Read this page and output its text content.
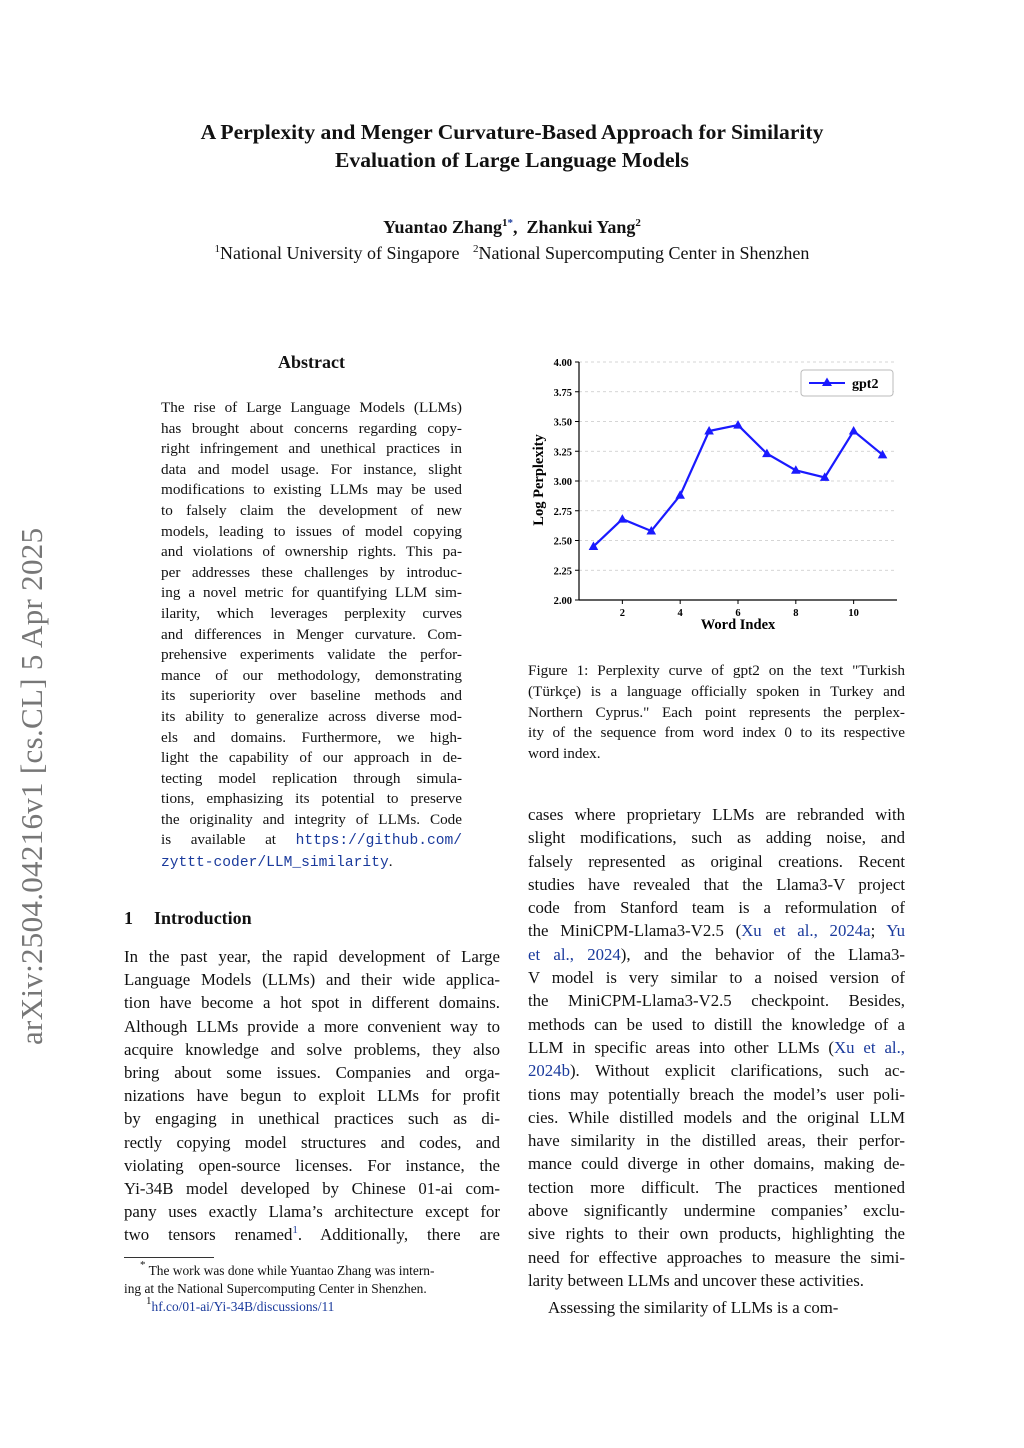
A Perplexity and Menger Curvature-Based Approach for Similarity
Evaluation of Large Language Models
Yuantao Zhang$^{1*}$,  Zhankui Yang$^2$
$^1$National University of Singapore $^2$National Supercomputing Center in Shenzhen
arXiv:2504.04216v1 [cs.CL] 5 Apr 2025
Abstract
The rise of Large Language Models (LLMs)
has brought about concerns regarding copy-
right infringement and unethical practices in
data and model usage. For instance, slight
modifications to existing LLMs may be used
to falsely claim the development of new
models, leading to issues of model copying
and violations of ownership rights. This pa-
per addresses these challenges by introduc-
ing a novel metric for quantifying LLM sim-
ilarity, which leverages perplexity curves
and differences in Menger curvature. Com-
prehensive experiments validate the perfor-
mance of our methodology, demonstrating
its superiority over baseline methods and
its ability to generalize across diverse mod-
els and domains. Furthermore, we high-
light the capability of our approach in de-
tecting model replication through simula-
tions, emphasizing its potential to preserve
the originality and integrity of LLMs. Code
is available at https://github.com/
zyttt-coder/LLM_similarity.
1 Introduction
In the past year, the rapid development of Large
Language Models (LLMs) and their wide applica-
tion have become a hot spot in different domains.
Although LLMs provide a more convenient way to
acquire knowledge and solve problems, they also
bring about some issues. Companies and orga-
nizations have begun to exploit LLMs for profit
by engaging in unethical practices such as di-
rectly copying model structures and codes, and
violating open-source licenses. For instance, the
Yi-34B model developed by Chinese 01-ai com-
pany uses exactly Llama’s architecture except for
two tensors renamed$^1$. Additionally, there are
* The work was done while Yuantao Zhang was intern-
ing at the National Supercomputing Center in Shenzhen.
$^1$hf.co/01-ai/Yi-34B/discussions/11
2.00
2.25
2.50
2.75
3.00
3.25
3.50
3.75
4.00
2	4	6	8	10
Log Perplexity
Word Index
gpt2
Figure 1: Perplexity curve of gpt2 on the text "Turkish
(Türkçe) is a language officially spoken in Turkey and
Northern Cyprus." Each point represents the perplex-
ity of the sequence from word index 0 to its respective
word index.
cases where proprietary LLMs are rebranded with
slight modifications, such as adding noise, and
falsely represented as original creations. Recent
studies have revealed that the Llama3-V project
code from Stanford team is a reformulation of
the MiniCPM-Llama3-V2.5 (Xu et al., 2024a; Yu
et al., 2024), and the behavior of the Llama3-
V model is very similar to a noised version of
the MiniCPM-Llama3-V2.5 checkpoint. Besides,
methods can be used to distill the knowledge of a
LLM in specific areas into other LLMs (Xu et al.,
2024b). Without explicit clarifications, such ac-
tions may potentially breach the model’s user poli-
cies. While distilled models and the original LLM
have similarity in the distilled areas, their perfor-
mance could diverge in other domains, making de-
tection more difficult. The practices mentioned
above significantly undermine companies’ exclu-
sive rights to their own products, highlighting the
need for effective approaches to measure the simi-
larity between LLMs and uncover these activities.
Assessing the similarity of LLMs is a com-
